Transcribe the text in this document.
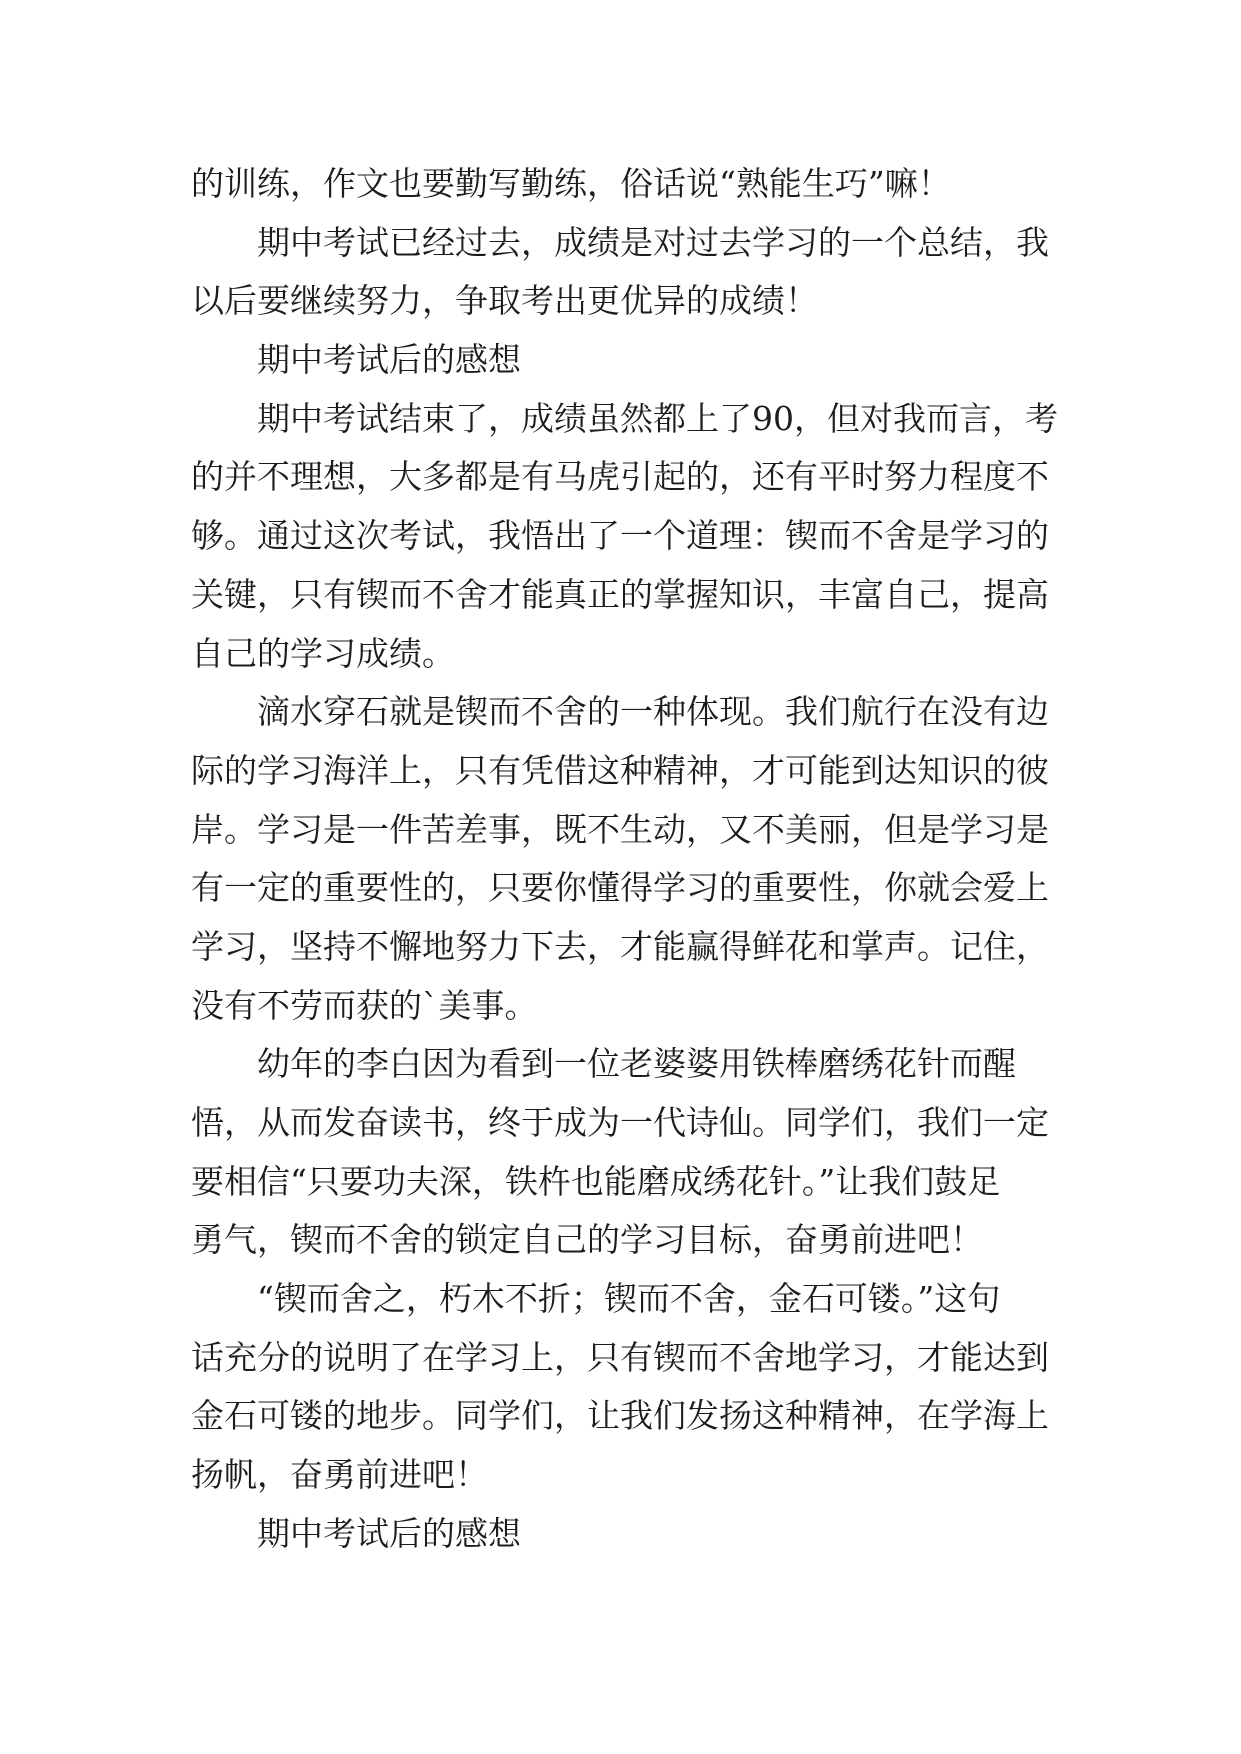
的训练，作文也要勤写勤练，俗话说“熟能生巧”嘛！
期中考试已经过去，成绩是对过去学习的一个总结，我
以后要继续努力，争取考出更优异的成绩！
期中考试后的感想
期中考试结束了，成绩虽然都上了90，但对我而言，考
的并不理想，大多都是有马虎引起的，还有平时努力程度不
够。通过这次考试，我悟出了一个道理：锲而不舍是学习的
关键，只有锲而不舍才能真正的掌握知识，丰富自己，提高
自己的学习成绩。
滴水穿石就是锲而不舍的一种体现。我们航行在没有边
际的学习海洋上，只有凭借这种精神，才可能到达知识的彼
岸。学习是一件苦差事，既不生动，又不美丽，但是学习是
有一定的重要性的，只要你懂得学习的重要性，你就会爱上
学习，坚持不懈地努力下去，才能赢得鲜花和掌声。记住，
没有不劳而获的`美事。
幼年的李白因为看到一位老婆婆用铁棒磨绣花针而醒
悟，从而发奋读书，终于成为一代诗仙。同学们，我们一定
要相信“只要功夫深，铁杵也能磨成绣花针。”让我们鼓足
勇气，锲而不舍的锁定自己的学习目标，奋勇前进吧！
“锲而舍之，朽木不折；锲而不舍，金石可镂。”这句
话充分的说明了在学习上，只有锲而不舍地学习，才能达到
金石可镂的地步。同学们，让我们发扬这种精神，在学海上
扬帆，奋勇前进吧！
期中考试后的感想
